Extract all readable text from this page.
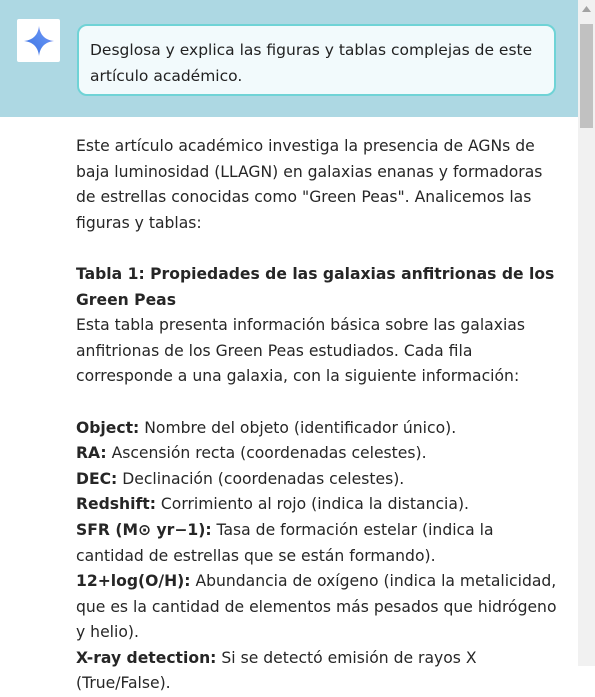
Desglosa y explica las figuras y tablas complejas de este artículo académico.

Este artículo académico investiga la presencia de AGNs de baja luminosidad (LLAGN) en galaxias enanas y formadoras de estrellas conocidas como "Green Peas". Analicemos las figuras y tablas:

Tabla 1: Propiedades de las galaxias anfitrionas de los Green Peas

Esta tabla presenta información básica sobre las galaxias anfitrionas de los Green Peas estudiados. Cada fila corresponde a una galaxia, con la siguiente información:

Object: Nombre del objeto (identificador único).

RA: Ascensión recta (coordenadas celestes).

DEC: Declinación (coordenadas celestes).

Redshift: Corrimiento al rojo (indica la distancia).

SFR (M⊙ yr−1): Tasa de formación estelar (indica la cantidad de estrellas que se están formando).

12+log(O/H): Abundancia de oxígeno (indica la metalicidad, que es la cantidad de elementos más pesados que hidrógeno y helio).

X-ray detection: Si se detectó emisión de rayos X (True/False).
